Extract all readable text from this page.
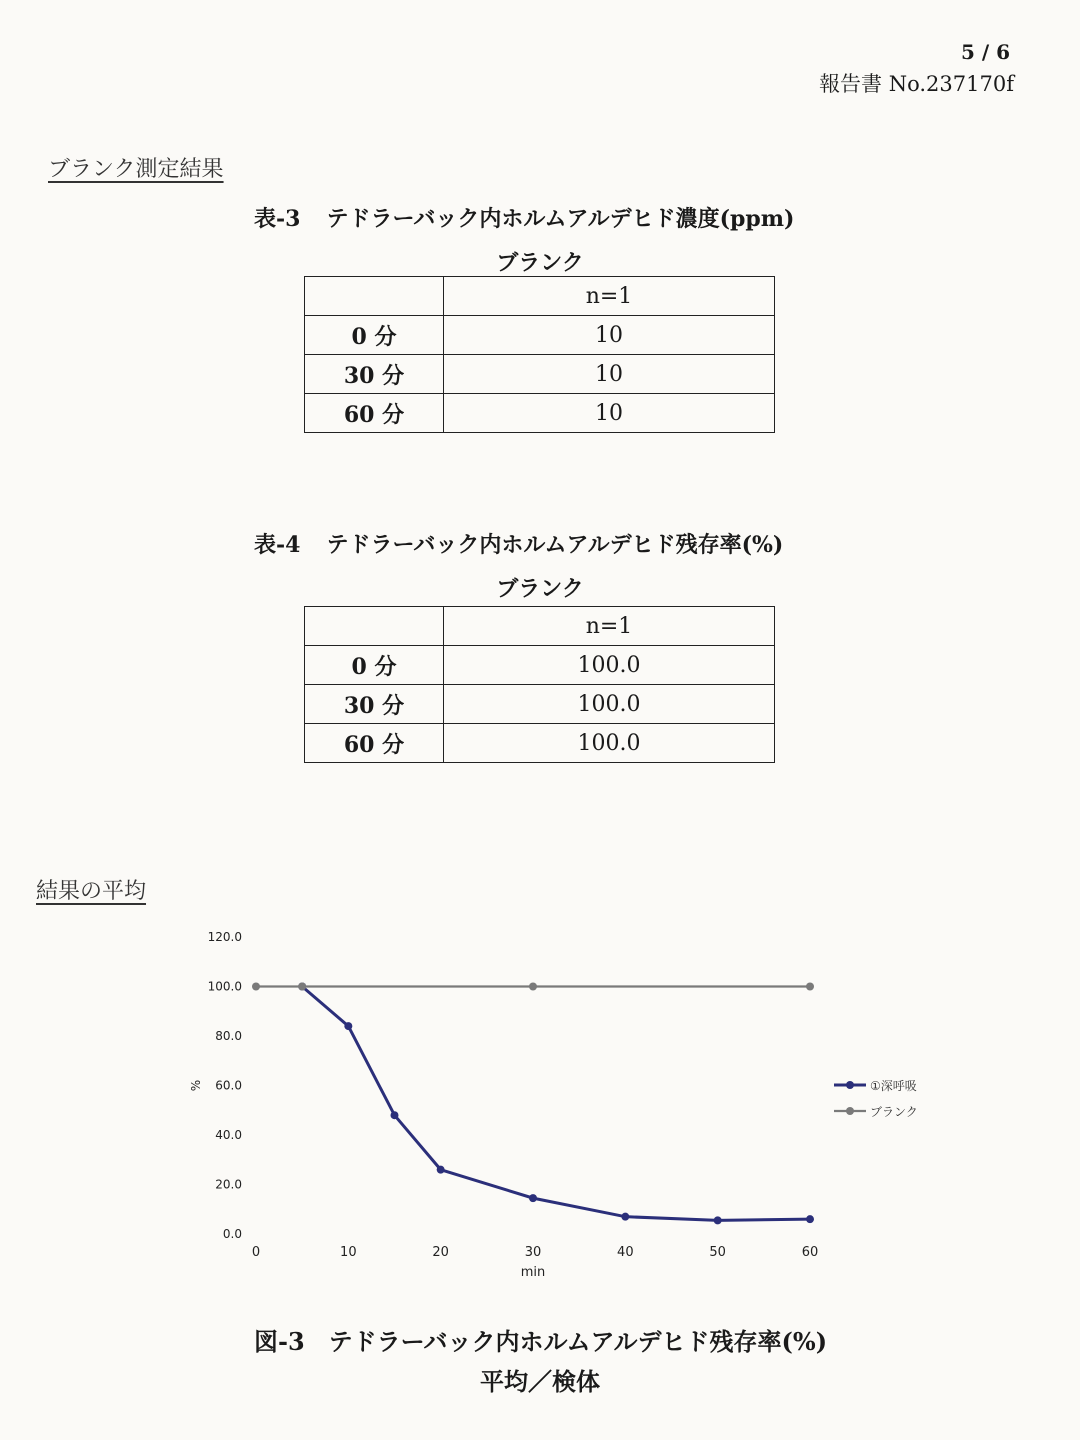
5 / 6
報告書 No.237170f
ブランク測定結果
表-3 テドラーバック内ホルムアルデヒド濃度(ppm)
ブランク
	n=1
0 分	10
30 分	10
60 分	10
表-4 テドラーバック内ホルムアルデヒド残存率(%)
ブランク
	n=1
0 分	100.0
30 分	100.0
60 分	100.0
結果の平均
0.0
20.0
40.0
60.0
80.0
100.0
120.0
0	10	20	30	40	50	60
min
%	①深呼吸
ブランク
図-3 テドラーバック内ホルムアルデヒド残存率(%)
平均／検体
